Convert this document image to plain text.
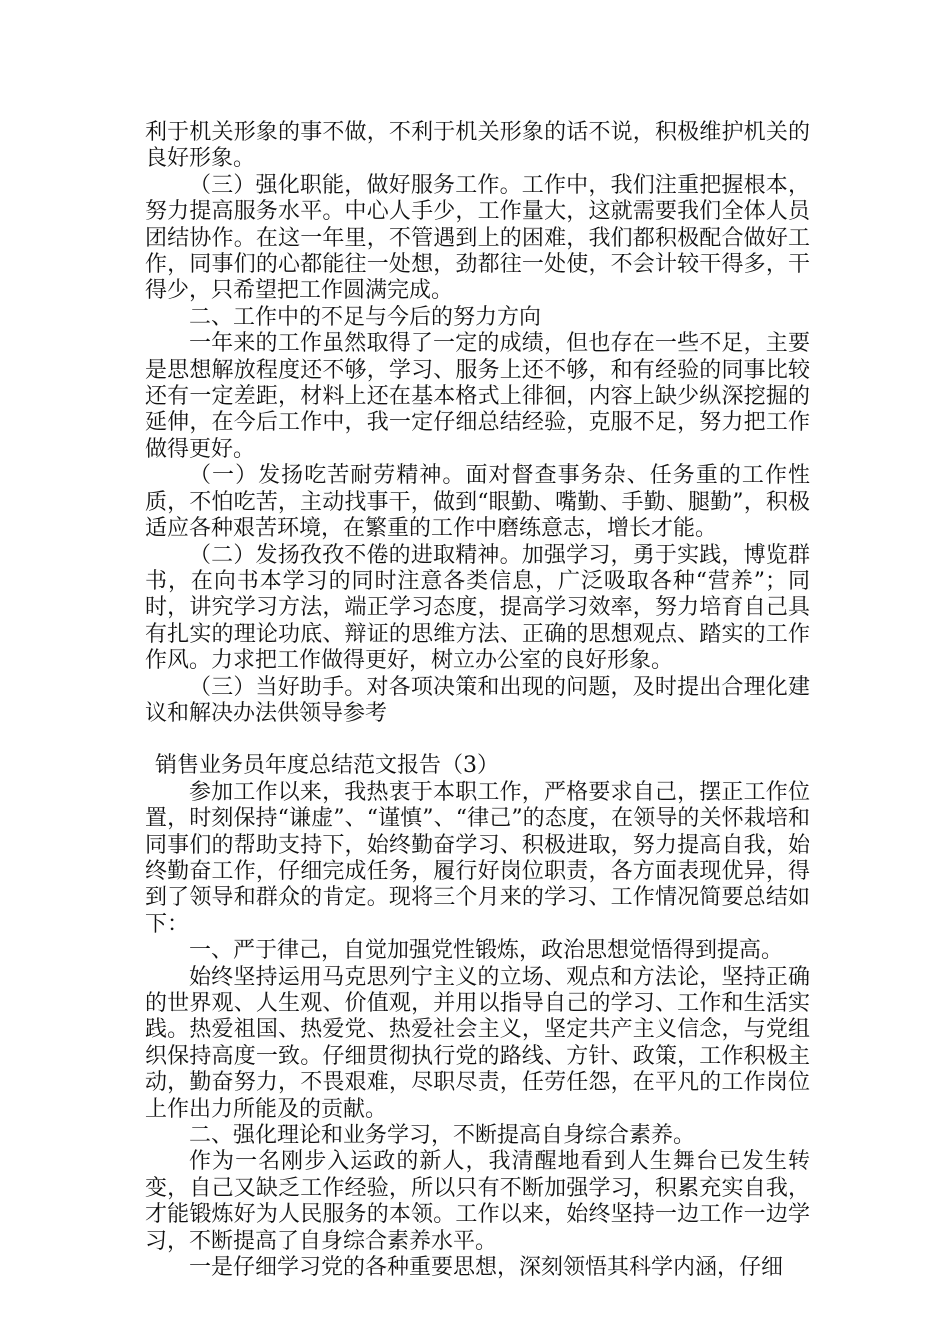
利于机关形象的事不做，不利于机关形象的话不说，积极维护机关的良好形象。

（三）强化职能，做好服务工作。工作中，我们注重把握根本，努力提高服务水平。中心人手少，工作量大，这就需要我们全体人员团结协作。在这一年里，不管遇到上的困难，我们都积极配合做好工作，同事们的心都能往一处想，劲都往一处使，不会计较干得多，干得少，只希望把工作圆满完成。

二、工作中的不足与今后的努力方向

一年来的工作虽然取得了一定的成绩，但也存在一些不足，主要是思想解放程度还不够，学习、服务上还不够，和有经验的同事比较还有一定差距，材料上还在基本格式上徘徊，内容上缺少纵深挖掘的延伸，在今后工作中，我一定仔细总结经验，克服不足，努力把工作做得更好。

（一）发扬吃苦耐劳精神。面对督查事务杂、任务重的工作性质，不怕吃苦，主动找事干，做到“眼勤、嘴勤、手勤、腿勤”，积极适应各种艰苦环境，在繁重的工作中磨练意志，增长才能。

（二）发扬孜孜不倦的进取精神。加强学习，勇于实践，博览群书，在向书本学习的同时注意各类信息，广泛吸取各种“营养”；同时，讲究学习方法，端正学习态度，提高学习效率，努力培育自己具有扎实的理论功底、辩证的思维方法、正确的思想观点、踏实的工作作风。力求把工作做得更好，树立办公室的良好形象。

（三）当好助手。对各项决策和出现的问题，及时提出合理化建议和解决办法供领导参考

销售业务员年度总结范文报告（3）

参加工作以来，我热衷于本职工作，严格要求自己，摆正工作位置，时刻保持“谦虚”、“谨慎”、“律己”的态度，在领导的关怀栽培和同事们的帮助支持下，始终勤奋学习、积极进取，努力提高自我，始终勤奋工作，仔细完成任务，履行好岗位职责，各方面表现优异，得到了领导和群众的肯定。现将三个月来的学习、工作情况简要总结如下：

一、严于律己，自觉加强党性锻炼，政治思想觉悟得到提高。

始终坚持运用马克思列宁主义的立场、观点和方法论，坚持正确的世界观、人生观、价值观，并用以指导自己的学习、工作和生活实践。热爱祖国、热爱党、热爱社会主义，坚定共产主义信念，与党组织保持高度一致。仔细贯彻执行党的路线、方针、政策，工作积极主动，勤奋努力，不畏艰难，尽职尽责，任劳任怨，在平凡的工作岗位上作出力所能及的贡献。

二、强化理论和业务学习，不断提高自身综合素养。

作为一名刚步入运政的新人，我清醒地看到人生舞台已发生转变，自己又缺乏工作经验，所以只有不断加强学习，积累充实自我，才能锻炼好为人民服务的本领。工作以来，始终坚持一边工作一边学习，不断提高了自身综合素养水平。

一是仔细学习党的各种重要思想，深刻领悟其科学内涵，仔细
